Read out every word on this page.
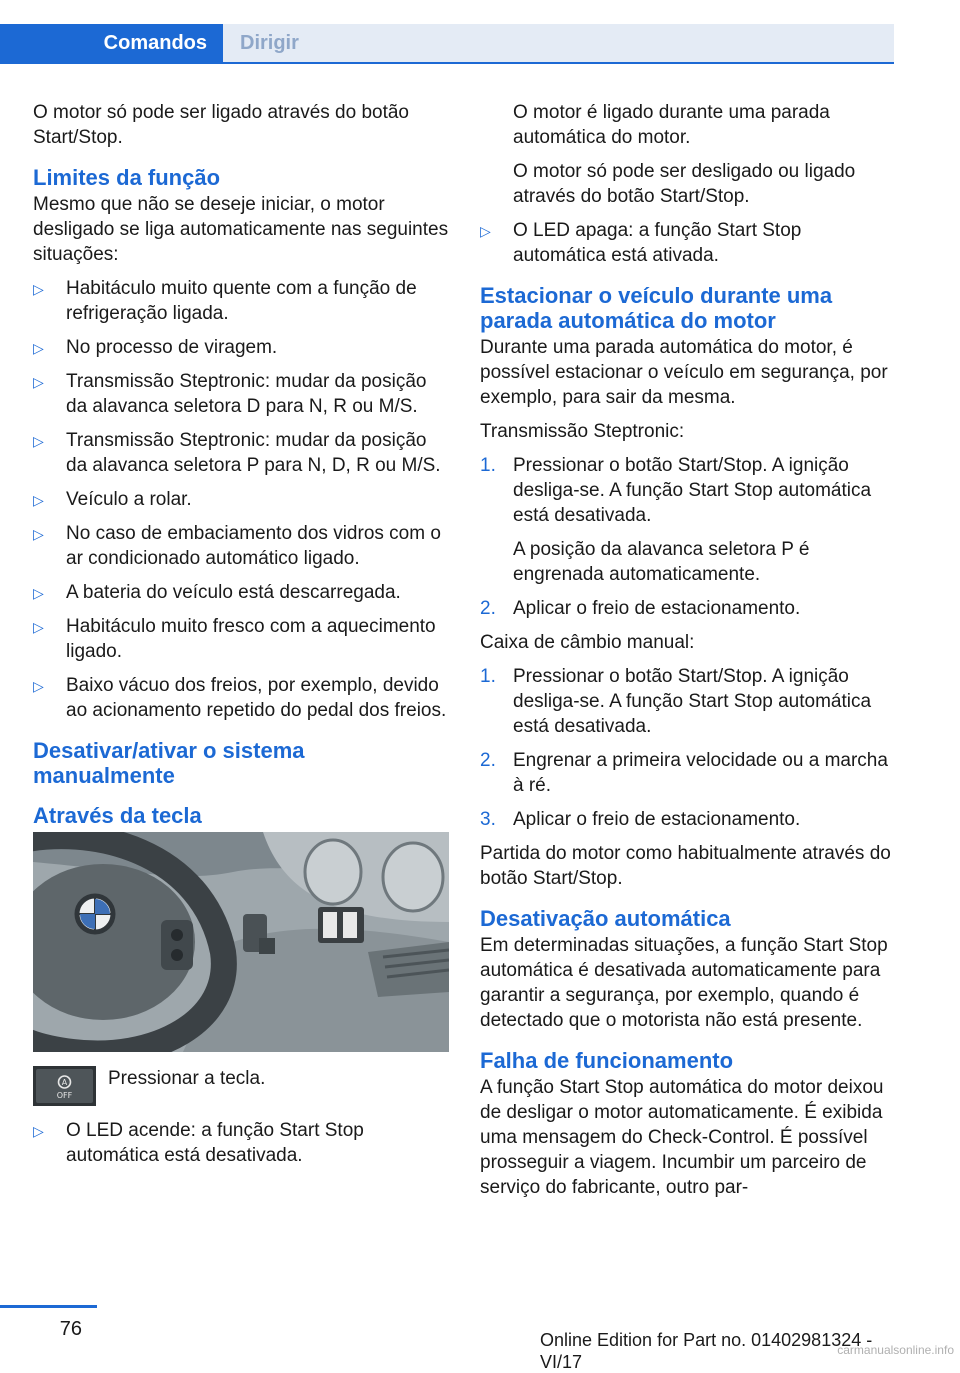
Comandos	Dirigir

O motor só pode ser ligado através do botão Start/Stop.

Limites da função

Mesmo que não se deseje iniciar, o motor desligado se liga automaticamente nas seguintes situações:

▷ Habitáculo muito quente com a função de refrigeração ligada.
▷ No processo de viragem.
▷ Transmissão Steptronic: mudar da posição da alavanca seletora D para N, R ou M/S.
▷ Transmissão Steptronic: mudar da posição da alavanca seletora P para N, D, R ou M/S.
▷ Veículo a rolar.
▷ No caso de embaciamento dos vidros com o ar condicionado automático ligado.
▷ A bateria do veículo está descarregada.
▷ Habitáculo muito fresco com a aquecimento ligado.
▷ Baixo vácuo dos freios, por exemplo, devido ao acionamento repetido do pedal dos freios.
Desativar/ativar o sistema manualmente
Através da tecla
A
OFF
Pressionar a tecla.
▷ O LED acende: a função Start Stop automática está desativada.

O motor é ligado durante uma parada automática do motor.

O motor só pode ser desligado ou ligado através do botão Start/Stop.

▷ O LED apaga: a função Start Stop automática está ativada.
Estacionar o veículo durante uma parada automática do motor

Durante uma parada automática do motor, é possível estacionar o veículo em segurança, por exemplo, para sair da mesma.

Transmissão Steptronic:

1. Pressionar o botão Start/Stop. A ignição desliga-se. A função Start Stop automática está desativada.

A posição da alavanca seletora P é engrenada automaticamente.

2. Aplicar o freio de estacionamento.

Caixa de câmbio manual:

1. Pressionar o botão Start/Stop. A ignição desliga-se. A função Start Stop automática está desativada.

2. Engrenar a primeira velocidade ou a marcha à ré.

3. Aplicar o freio de estacionamento.

Partida do motor como habitualmente através do botão Start/Stop.

Desativação automática

Em determinadas situações, a função Start Stop automática é desativada automaticamente para garantir a segurança, por exemplo, quando é detectado que o motorista não está presente.

Falha de funcionamento

A função Start Stop automática do motor deixou de desligar o motor automaticamente. É exibida uma mensagem do Check-Control. É possível prosseguir a viagem. Incumbir um parceiro de serviço do fabricante, outro par-

76	Online Edition for Part no. 01402981324 - VI/17
carmanualsonline.info
